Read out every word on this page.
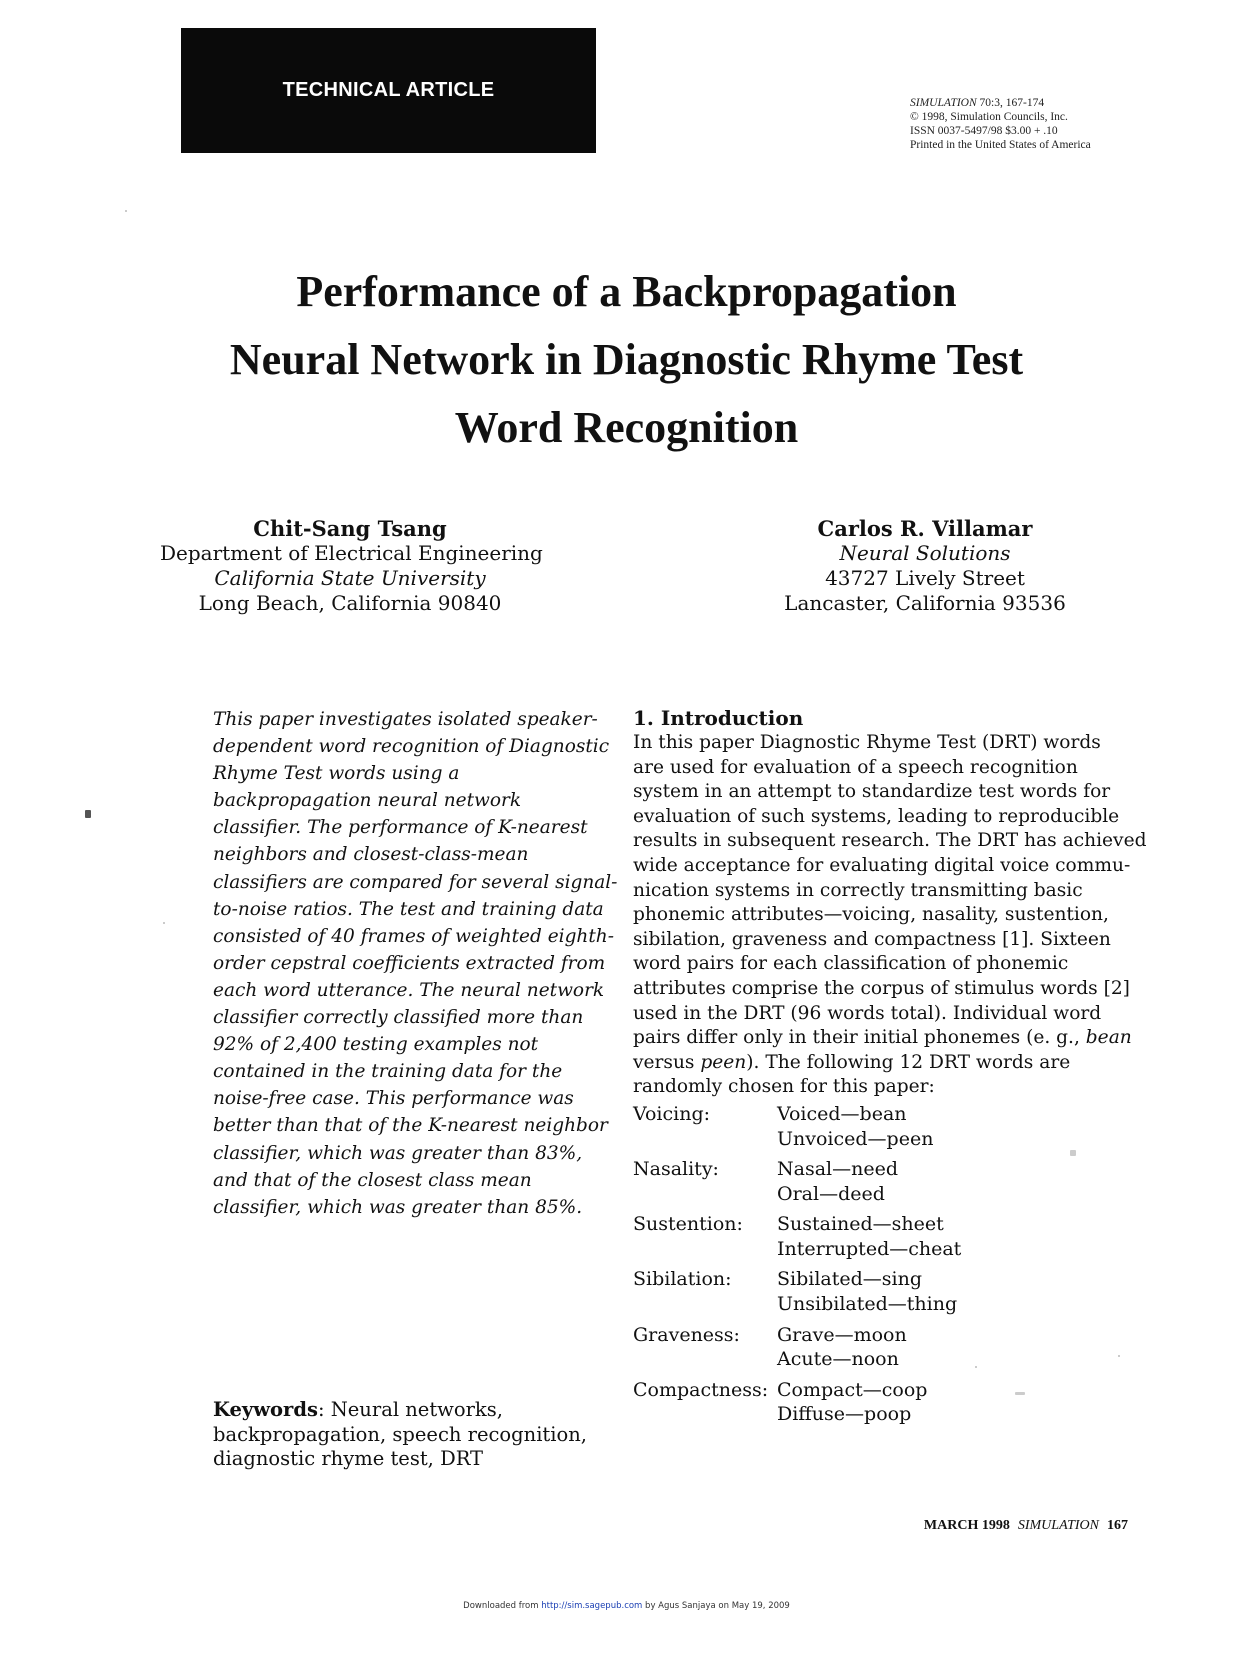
TECHNICAL ARTICLE
SIMULATION 70:3, 167-174
© 1998, Simulation Councils, Inc.
ISSN 0037-5497/98 $3.00 + .10
Printed in the United States of America
Performance of a Backpropagation
Neural Network in Diagnostic Rhyme Test
Word Recognition
Chit-Sang Tsang
Department of Electrical Engineering
California State University
Long Beach, California 90840
Carlos R. Villamar
Neural Solutions
43727 Lively Street
Lancaster, California 93536
This paper investigates isolated speaker-
dependent word recognition of Diagnostic
Rhyme Test words using a
backpropagation neural network
classifier. The performance of K-nearest
neighbors and closest-class-mean
classifiers are compared for several signal-
to-noise ratios. The test and training data
consisted of 40 frames of weighted eighth-
order cepstral coefficients extracted from
each word utterance. The neural network
classifier correctly classified more than
92% of 2,400 testing examples not
contained in the training data for the
noise-free case. This performance was
better than that of the K-nearest neighbor
classifier, which was greater than 83%,
and that of the closest class mean
classifier, which was greater than 85%.
Keywords: Neural networks,
backpropagation, speech recognition,
diagnostic rhyme test, DRT
1. Introduction
In this paper Diagnostic Rhyme Test (DRT) words
are used for evaluation of a speech recognition
system in an attempt to standardize test words for
evaluation of such systems, leading to reproducible
results in subsequent research. The DRT has achieved
wide acceptance for evaluating digital voice commu-
nication systems in correctly transmitting basic
phonemic attributes—voicing, nasality, sustention,
sibilation, graveness and compactness [1]. Sixteen
word pairs for each classification of phonemic
attributes comprise the corpus of stimulus words [2]
used in the DRT (96 words total). Individual word
pairs differ only in their initial phonemes (e. g., bean
versus peen). The following 12 DRT words are
randomly chosen for this paper:
Voicing:	Voiced—bean
Unvoiced—peen
Nasality:	Nasal—need
Oral—deed
Sustention:	Sustained—sheet
Interrupted—cheat
Sibilation:	Sibilated—sing
Unsibilated—thing
Graveness:	Grave—moon
Acute—noon
Compactness: Compact—coop
Diffuse—poop
MARCH 1998 SIMULATION 167
Downloaded from http://sim.sagepub.com by Agus Sanjaya on May 19, 2009
